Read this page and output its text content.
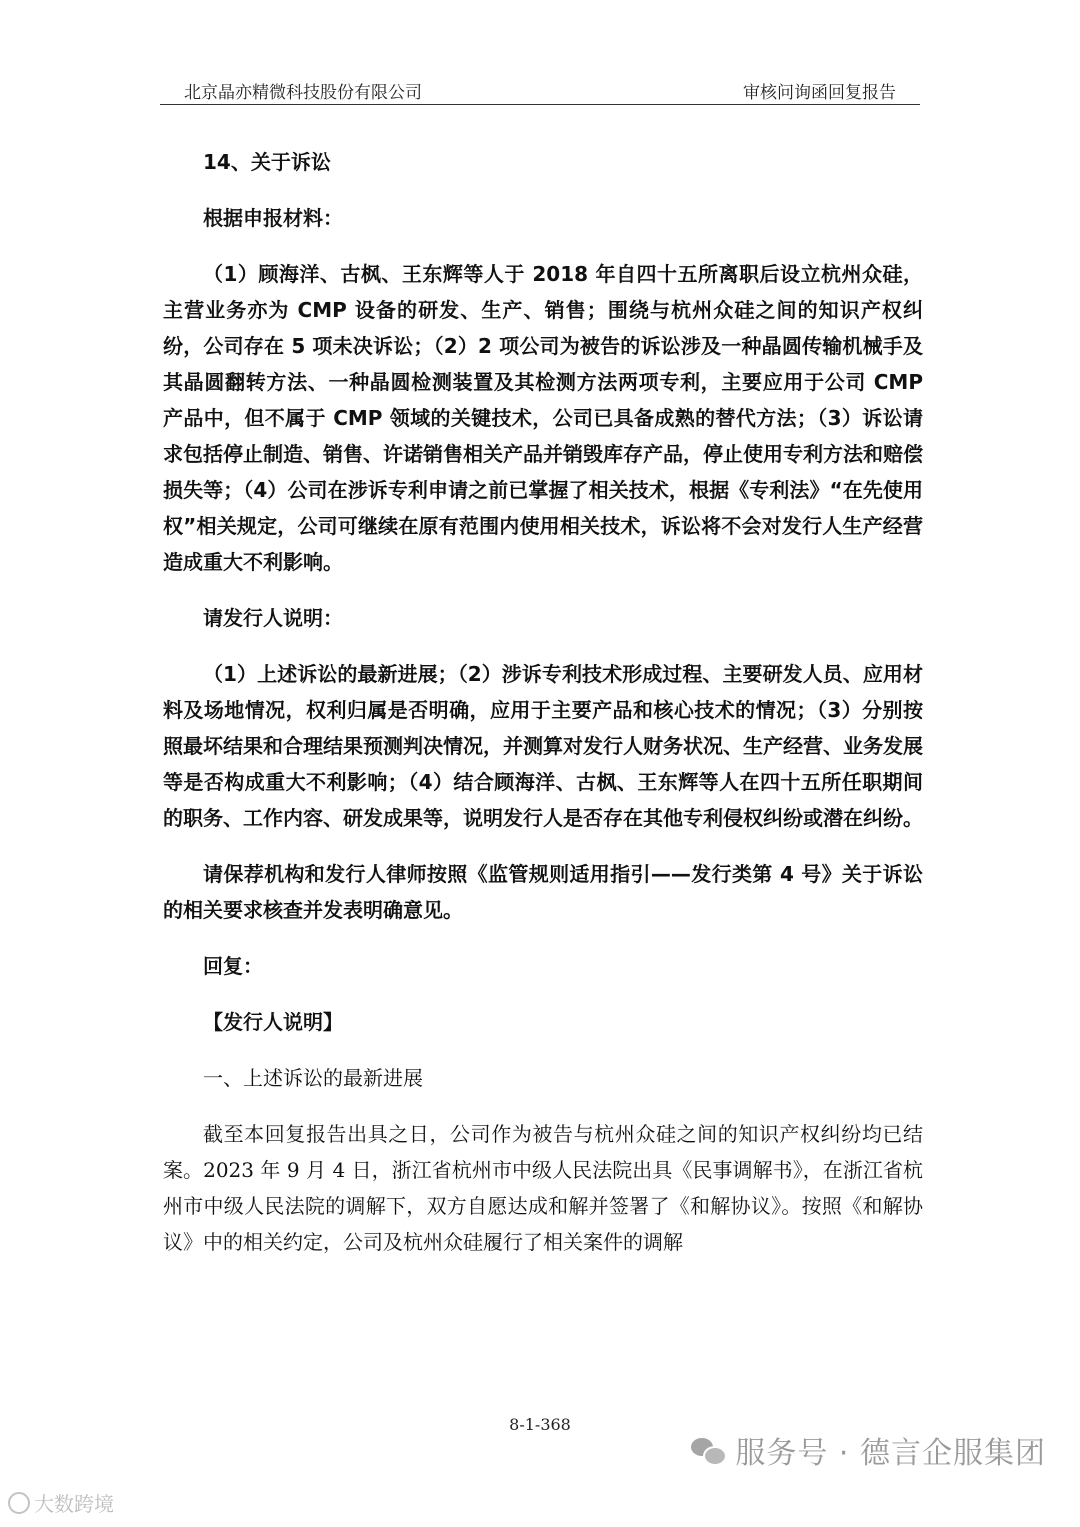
北京晶亦精微科技股份有限公司	审核问询函回复报告

14、关于诉讼

根据申报材料：

（1）顾海洋、古枫、王东辉等人于 2018 年自四十五所离职后设立杭州众硅，主营业务亦为 CMP 设备的研发、生产、销售；围绕与杭州众硅之间的知识产权纠纷，公司存在 5 项未决诉讼；（2）2 项公司为被告的诉讼涉及一种晶圆传输机械手及其晶圆翻转方法、一种晶圆检测装置及其检测方法两项专利，主要应用于公司 CMP 产品中，但不属于 CMP 领域的关键技术，公司已具备成熟的替代方法；（3）诉讼请求包括停止制造、销售、许诺销售相关产品并销毁库存产品，停止使用专利方法和赔偿损失等；（4）公司在涉诉专利申请之前已掌握了相关技术，根据《专利法》“在先使用权”相关规定，公司可继续在原有范围内使用相关技术，诉讼将不会对发行人生产经营造成重大不利影响。

请发行人说明：

（1）上述诉讼的最新进展；（2）涉诉专利技术形成过程、主要研发人员、应用材料及场地情况，权利归属是否明确，应用于主要产品和核心技术的情况；（3）分别按照最坏结果和合理结果预测判决情况，并测算对发行人财务状况、生产经营、业务发展等是否构成重大不利影响；（4）结合顾海洋、古枫、王东辉等人在四十五所任职期间的职务、工作内容、研发成果等，说明发行人是否存在其他专利侵权纠纷或潜在纠纷。

请保荐机构和发行人律师按照《监管规则适用指引——发行类第 4 号》关于诉讼的相关要求核查并发表明确意见。

回复：

【发行人说明】

一、上述诉讼的最新进展

截至本回复报告出具之日，公司作为被告与杭州众硅之间的知识产权纠纷均已结案。2023 年 9 月 4 日，浙江省杭州市中级人民法院出具《民事调解书》，在浙江省杭州市中级人民法院的调解下，双方自愿达成和解并签署了《和解协议》。按照《和解协议》中的相关约定，公司及杭州众硅履行了相关案件的调解

8-1-368
大数跨境
服务号 · 德言企服集团
